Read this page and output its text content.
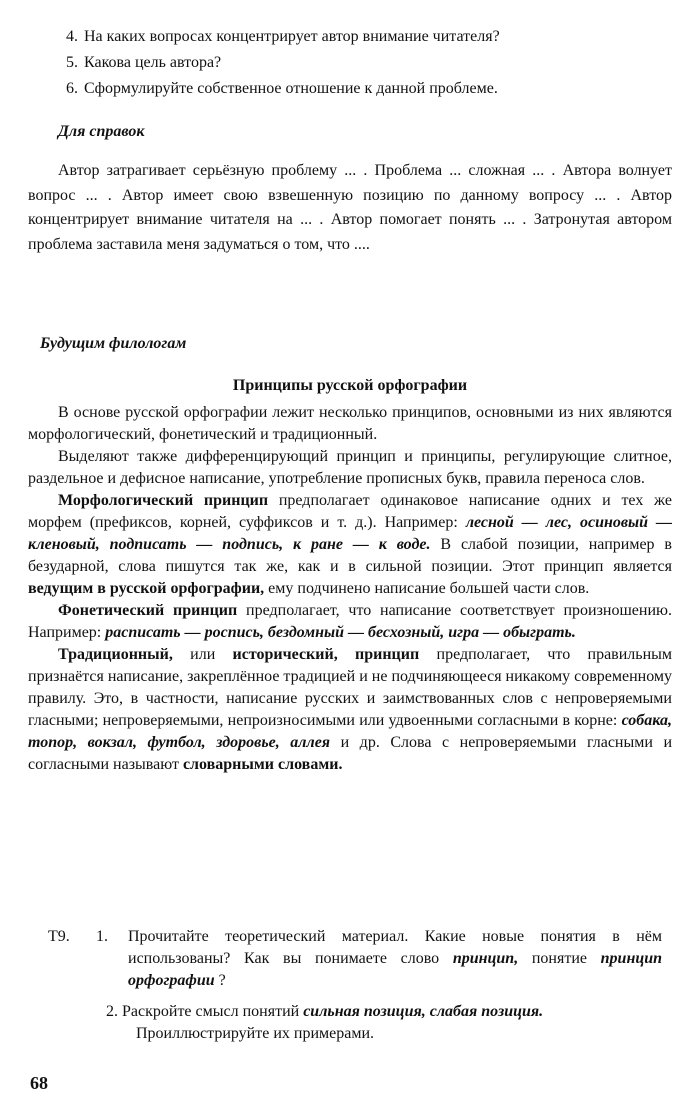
4. На каких вопросах концентрирует автор внимание читателя?
5. Какова цель автора?
6. Сформулируйте собственное отношение к данной проблеме.
Для справок

Автор затрагивает серьёзную проблему ... . Проблема ... сложная ... . Автора волнует вопрос ... . Автор имеет свою взвешенную позицию по данному вопросу ... . Автор концентрирует внимание читателя на ... . Автор помогает понять ... . Затронутая автором проблема заставила меня задуматься о том, что ....

Будущим филологам
Принципы русской орфографии

В основе русской орфографии лежит несколько принципов, основными из них являются морфологический, фонетический и традиционный.

Выделяют также дифференцирующий принцип и принципы, регулирующие слитное, раздельное и дефисное написание, употребление прописных букв, правила переноса слов.

Морфологический принцип предполагает одинаковое написание одних и тех же морфем (префиксов, корней, суффиксов и т. д.). Например: лесной — лес, осиновый — кленовый, подписать — подпись, к ране — к воде. В слабой позиции, например в безударной, слова пишутся так же, как и в сильной позиции. Этот принцип является ведущим в русской орфографии, ему подчинено написание большей части слов.

Фонетический принцип предполагает, что написание соответствует произношению. Например: расписать — роспись, бездомный — бесхозный, игра — обыграть.

Традиционный, или исторический, принцип предполагает, что правильным признаётся написание, закреплённое традицией и не подчиняющееся никакому современному правилу. Это, в частности, написание русских и заимствованных слов с непроверяемыми гласными; непроверяемыми, непроизносимыми или удвоенными согласными в корне: собака, топор, вокзал, футбол, здоровье, аллея и др. Слова с непроверяемыми гласными и согласными называют словарными словами.

Т9. 1. Прочитайте теоретический материал. Какие новые понятия в нём использованы? Как вы понимаете слово принцип, понятие принцип орфографии ?

2. Раскройте смысл понятий сильная позиция, слабая позиция.
Проиллюстрируйте их примерами.
68
